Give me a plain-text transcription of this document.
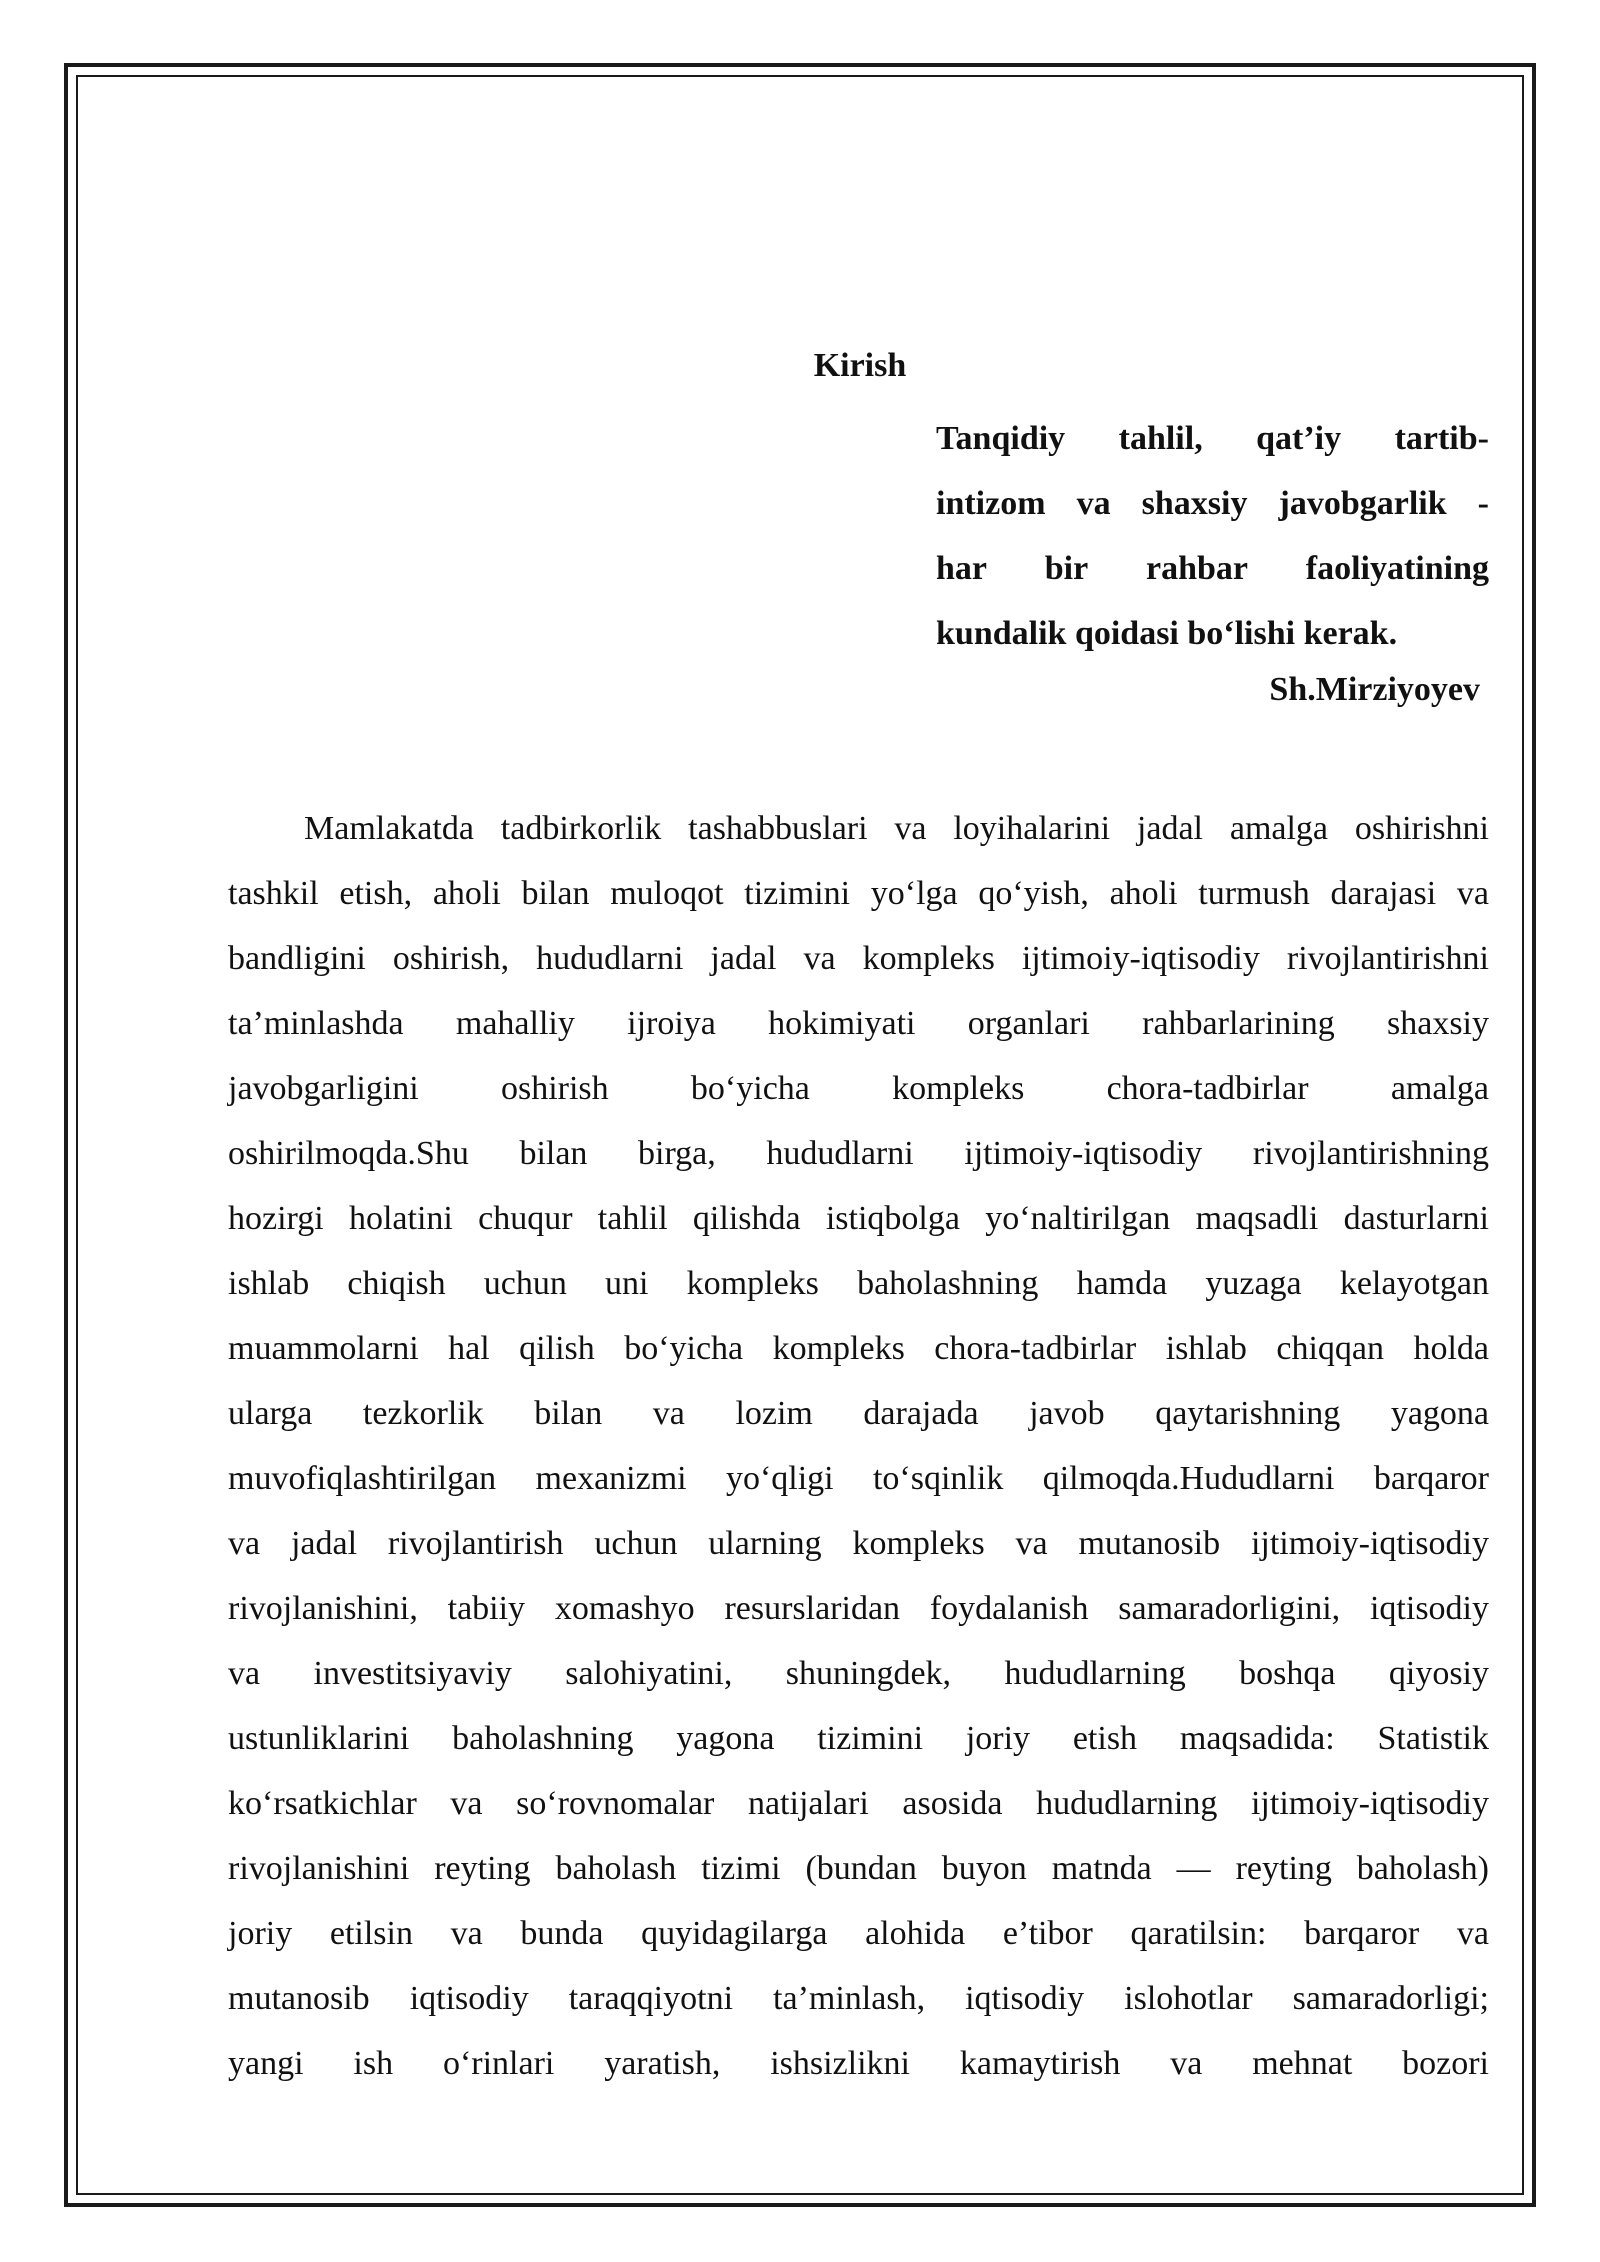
Kirish
Tanqidiy tahlil, qat’iy tartib-
intizom va shaxsiy javobgarlik -
har bir rahbar faoliyatining
kundalik qoidasi bo‘lishi kerak.

Sh.Mirziyoyev

Mamlakatda tadbirkorlik tashabbuslari va loyihalarini jadal amalga oshirishni
tashkil etish, aholi bilan muloqot tizimini yo‘lga qo‘yish, aholi turmush darajasi va
bandligini oshirish, hududlarni jadal va kompleks ijtimoiy-iqtisodiy rivojlantirishni
ta’minlashda mahalliy ijroiya hokimiyati organlari rahbarlarining shaxsiy
javobgarligini oshirish bo‘yicha kompleks chora-tadbirlar amalga
oshirilmoqda.Shu bilan birga, hududlarni ijtimoiy-iqtisodiy rivojlantirishning
hozirgi holatini chuqur tahlil qilishda istiqbolga yo‘naltirilgan maqsadli dasturlarni
ishlab chiqish uchun uni kompleks baholashning hamda yuzaga kelayotgan
muammolarni hal qilish bo‘yicha kompleks chora-tadbirlar ishlab chiqqan holda
ularga tezkorlik bilan va lozim darajada javob qaytarishning yagona
muvofiqlashtirilgan mexanizmi yo‘qligi to‘sqinlik qilmoqda.Hududlarni barqaror
va jadal rivojlantirish uchun ularning kompleks va mutanosib ijtimoiy-iqtisodiy
rivojlanishini, tabiiy xomashyo resurslaridan foydalanish samaradorligini, iqtisodiy
va investitsiyaviy salohiyatini, shuningdek, hududlarning boshqa qiyosiy
ustunliklarini baholashning yagona tizimini joriy etish maqsadida: Statistik
ko‘rsatkichlar va so‘rovnomalar natijalari asosida hududlarning ijtimoiy-iqtisodiy
rivojlanishini reyting baholash tizimi (bundan buyon matnda — reyting baholash)
joriy etilsin va bunda quyidagilarga alohida e’tibor qaratilsin: barqaror va
mutanosib iqtisodiy taraqqiyotni ta’minlash, iqtisodiy islohotlar samaradorligi;
yangi ish o‘rinlari yaratish, ishsizlikni kamaytirish va mehnat bozori
